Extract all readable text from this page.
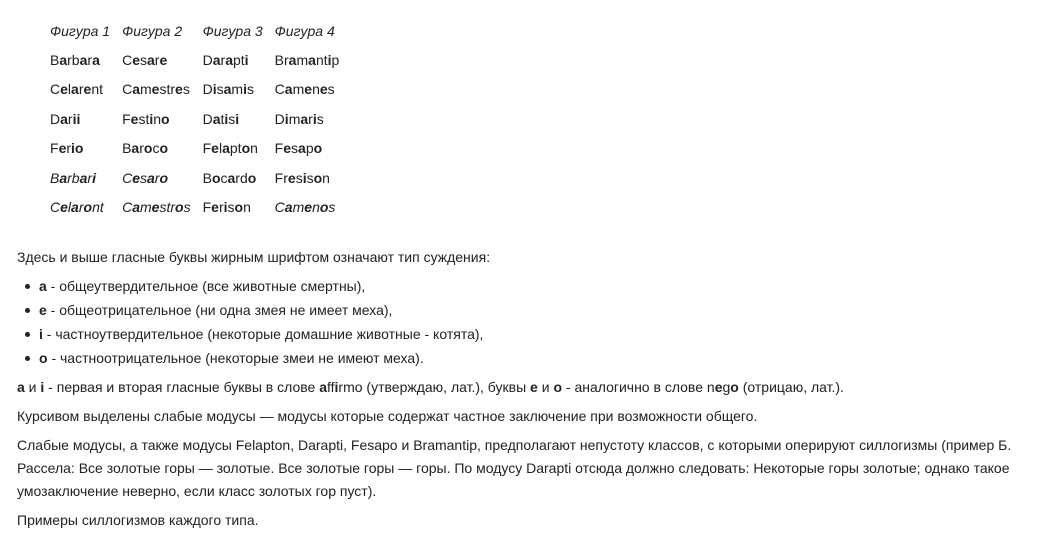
Фигура 1	Фигура 2	Фигура 3	Фигура 4
Barbara	Cesare	Darapti	Bramantip
Celarent	Camestres	Disamis	Camenes
Darii	Festino	Datisi	Dimaris
Ferio	Baroco	Felapton	Fesapo
Barbari	Cesaro	Bocardo	Fresison
Celaront	Camestros	Ferison	Camenos

Здесь и выше гласные буквы жирным шрифтом означают тип суждения:

a - общеутвердительное (все животные смертны),
e - общеотрицательное (ни одна змея не имеет меха),
i - частноутвердительное (некоторые домашние животные - котята),
o - частноотрицательное (некоторые змеи не имеют меха).

a и i - первая и вторая гласные буквы в слове affirmo (утверждаю, лат.), буквы e и o - аналогично в слове nego (отрицаю, лат.).

Курсивом выделены слабые модусы — модусы которые содержат частное заключение при возможности общего.

Слабые модусы, а также модусы Felapton, Darapti, Fesapo и Bramantip, предполагают непустоту классов, с которыми оперируют силлогизмы (пример Б. Рассела: Все золотые горы — золотые. Все золотые горы — горы. По модусу Darapti отсюда должно следовать: Некоторые горы золотые; однако такое умозаключение неверно, если класс золотых гор пуст).

Примеры силлогизмов каждого типа.
